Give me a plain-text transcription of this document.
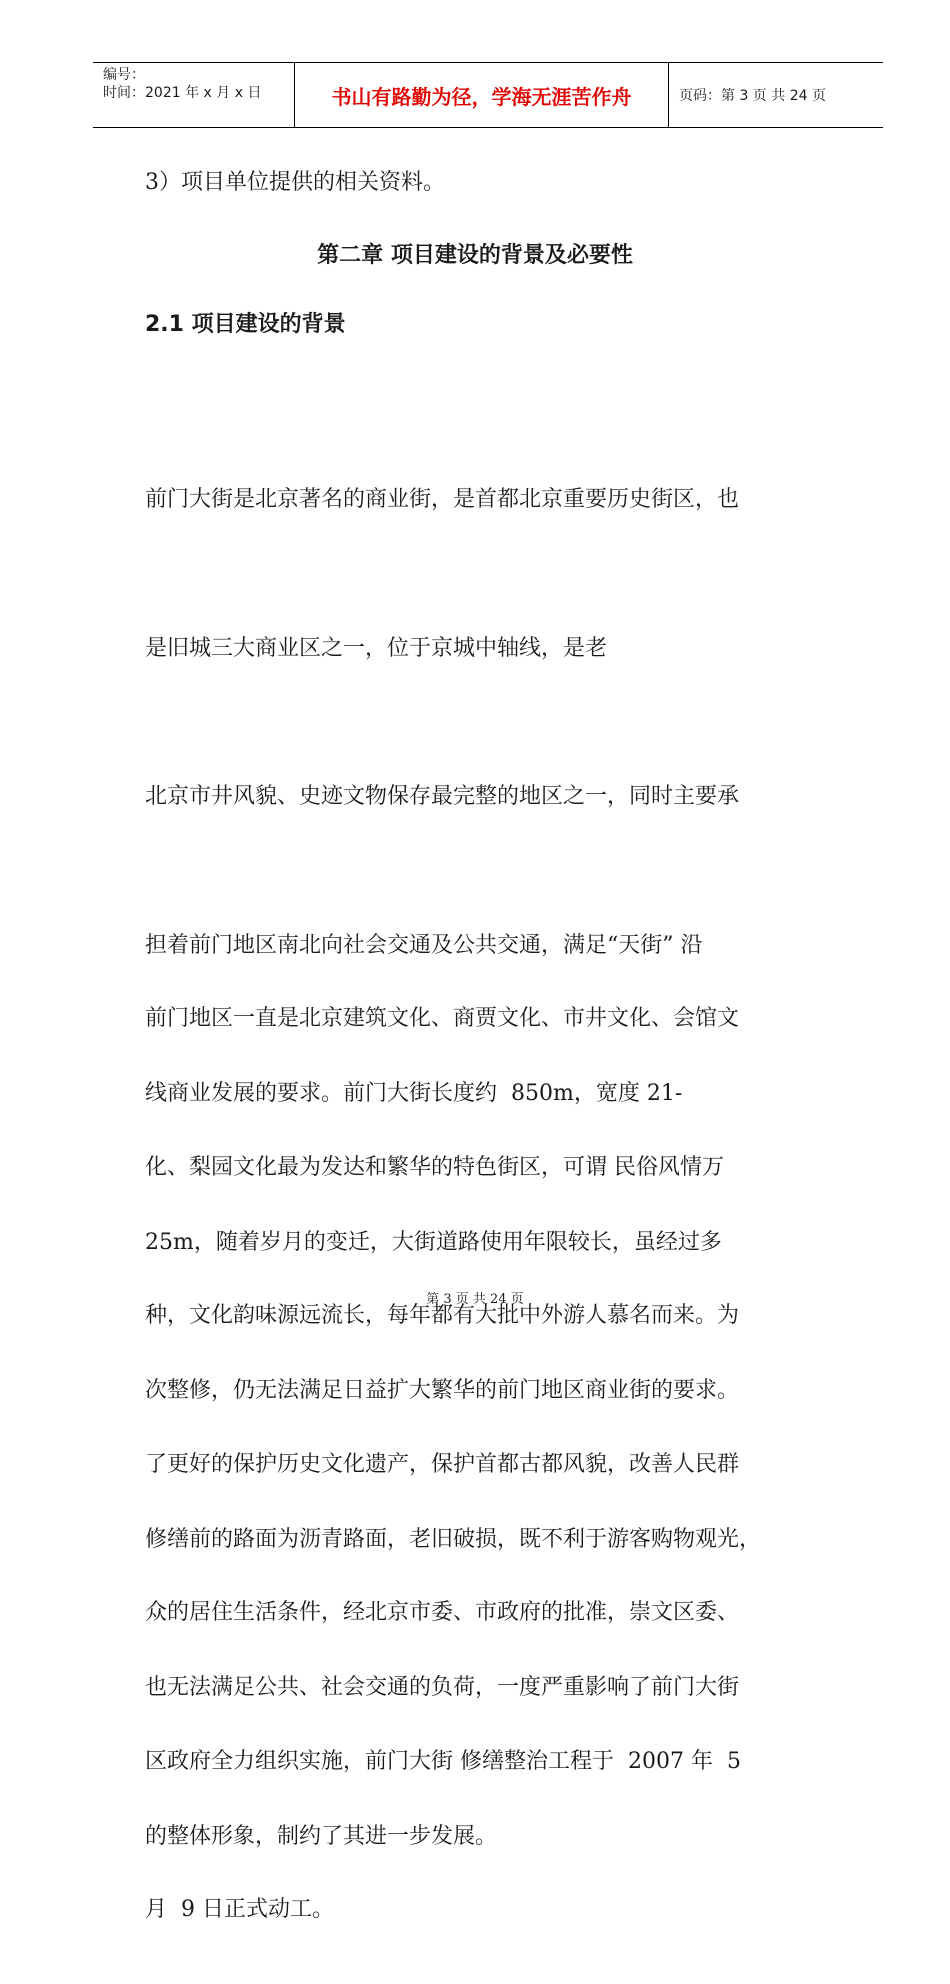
编号：
时间：2021 年 x 月 x 日	书山有路勤为径，学海无涯苦作舟	页码：第 3 页 共 24 页
3）项目单位提供的相关资料。
第二章 项目建设的背景及必要性
2.1 项目建设的背景

前门大街是北京著名的商业街，是首都北京重要历史街区，也

是旧城三大商业区之一，位于京城中轴线，是老

北京市井风貌、史迹文物保存最完整的地区之一，同时主要承

担着前门地区南北向社会交通及公共交通，满足“天街” 沿

线商业发展的要求。前门大街长度约  850m，宽度 21-

25m，随着岁月的变迁，大街道路使用年限较长，虽经过多

次整修，仍无法满足日益扩大繁华的前门地区商业街的要求。

修缮前的路面为沥青路面，老旧破损，既不利于游客购物观光，

也无法满足公共、社会交通的负荷，一度严重影响了前门大街

的整体形象，制约了其进一步发展。

前门地区一直是北京建筑文化、商贾文化、市井文化、会馆文

化、梨园文化最为发达和繁华的特色街区，可谓 民俗风情万

种，文化韵味源远流长，每年都有大批中外游人慕名而来。为

了更好的保护历史文化遗产，保护首都古都风貌，改善人民群

众的居住生活条件，经北京市委、市政府的批准，崇文区委、

区政府全力组织实施，前门大街 修缮整治工程于  2007 年  5

月  9 日正式动工。

第 3 页 共 24 页
